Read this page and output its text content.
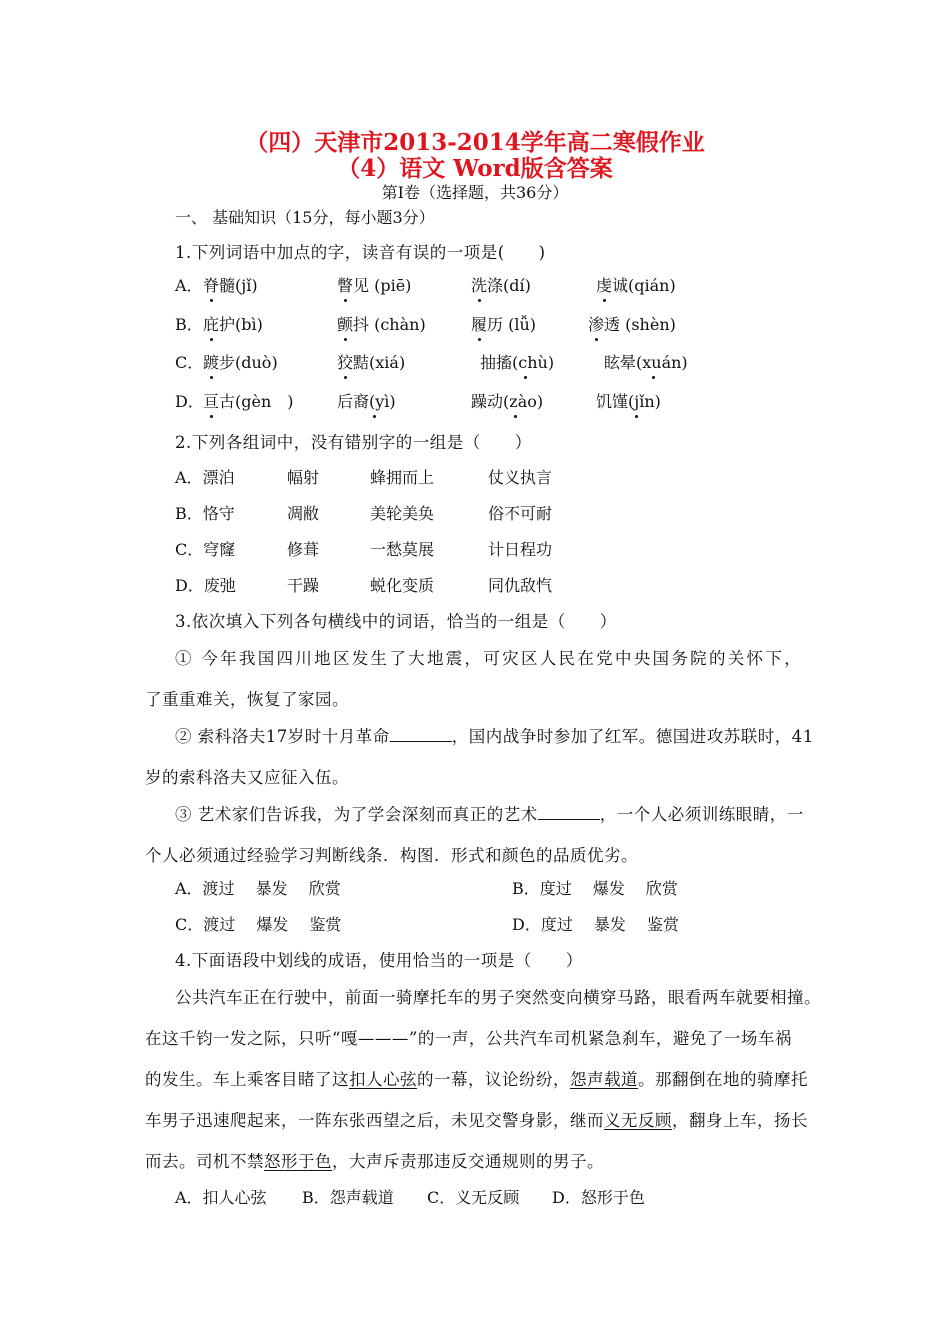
（四）天津市2013-2014学年高二寒假作业
（4）语文 Word版含答案
第I卷（选择题，共36分）
一、 基础知识（15分，每小题3分）
1.下列词语中加点的字，读音有误的一项是(　　)
A． 脊髓(jǐ)	瞥见 (piē)	洗涤(dí)	虔诚(qián)
B． 庇护(bì)	颤抖 (chàn)	履历 (lǚ)	渗透 (shèn)
C． 踱步(duò)	狡黠(xiá)	抽搐(chù)	眩晕(xuán)
D． 亘古(gèn　)	后裔(yì)	躁动(zào)	饥馑(jǐn)
2.下列各组词中，没有错别字的一组是（　　）
A．漂泊	幅射	蜂拥而上	仗义执言
B．恪守	凋敝	美轮美奂	俗不可耐
C．穹窿	修葺	一愁莫展	计日程功
D．废弛	干躁	蜕化变质	同仇敌忾
3.依次填入下列各句横线中的词语，恰当的一组是（　　）
① 今年我国四川地区发生了大地震，可灾区人民在党中央国务院的关怀下，
了重重难关，恢复了家园。
② 索科洛夫17岁时十月革命	，国内战争时参加了红军。德国进攻苏联时，41
岁的索科洛夫又应征入伍。
③ 艺术家们告诉我，为了学会深刻而真正的艺术	，一个人必须训练眼睛，一
个人必须通过经验学习判断线条．构图．形式和颜色的品质优劣。
A．渡过　 暴发　 欣赏	B．度过　 爆发　 欣赏
C．渡过　 爆发　 鉴赏	D．度过　 暴发　 鉴赏
4.下面语段中划线的成语，使用恰当的一项是（　　）
公共汽车正在行驶中，前面一骑摩托车的男子突然变向横穿马路，眼看两车就要相撞。
在这千钧一发之际，只听“嘎———”的一声，公共汽车司机紧急刹车，避免了一场车祸
的发生。车上乘客目睹了这扣人心弦的一幕，议论纷纷，怨声载道。那翻倒在地的骑摩托
车男子迅速爬起来，一阵东张西望之后，未见交警身影，继而义无反顾，翻身上车，扬长
而去。司机不禁怒形于色，大声斥责那违反交通规则的男子。
A．扣人心弦 B．怨声载道 C．义无反顾 D．怒形于色
